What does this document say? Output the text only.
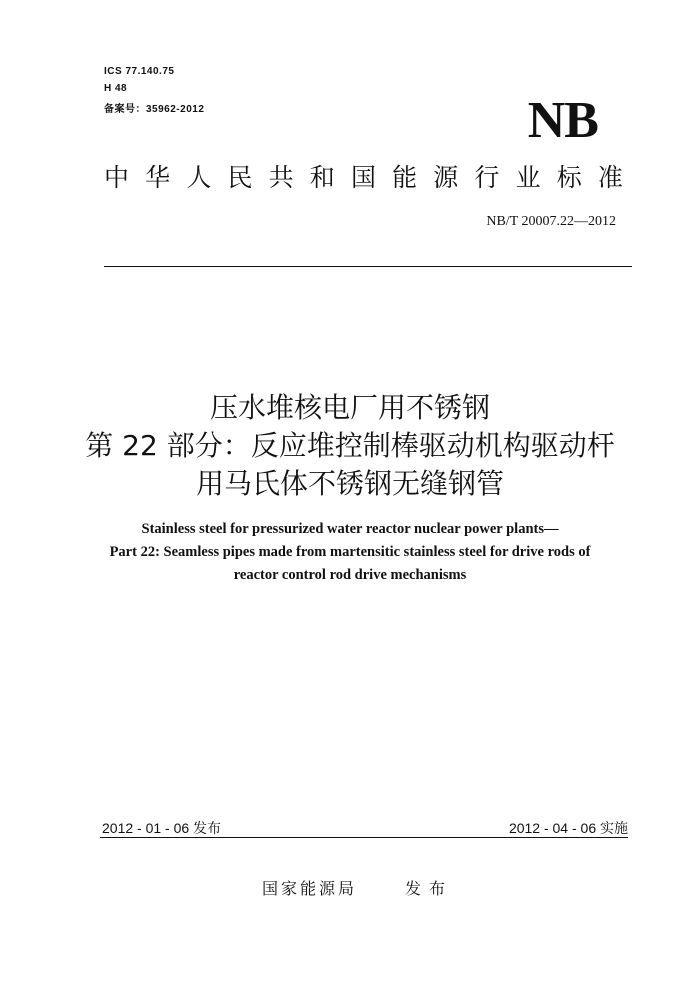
ICS 77.140.75
H 48
备案号：35962-2012	NB
中 华 人 民 共 和 国 能 源 行 业 标 准
NB/T 20007.22—2012
压水堆核电厂用不锈钢
第 22 部分：反应堆控制棒驱动机构驱动杆
用马氏体不锈钢无缝钢管
Stainless steel for pressurized water reactor nuclear power plants—
Part 22: Seamless pipes made from martensitic stainless steel for drive rods of
reactor control rod drive mechanisms
2012 - 01 - 06 发布	2012 - 04 - 06 实施
国家能源局	发布
